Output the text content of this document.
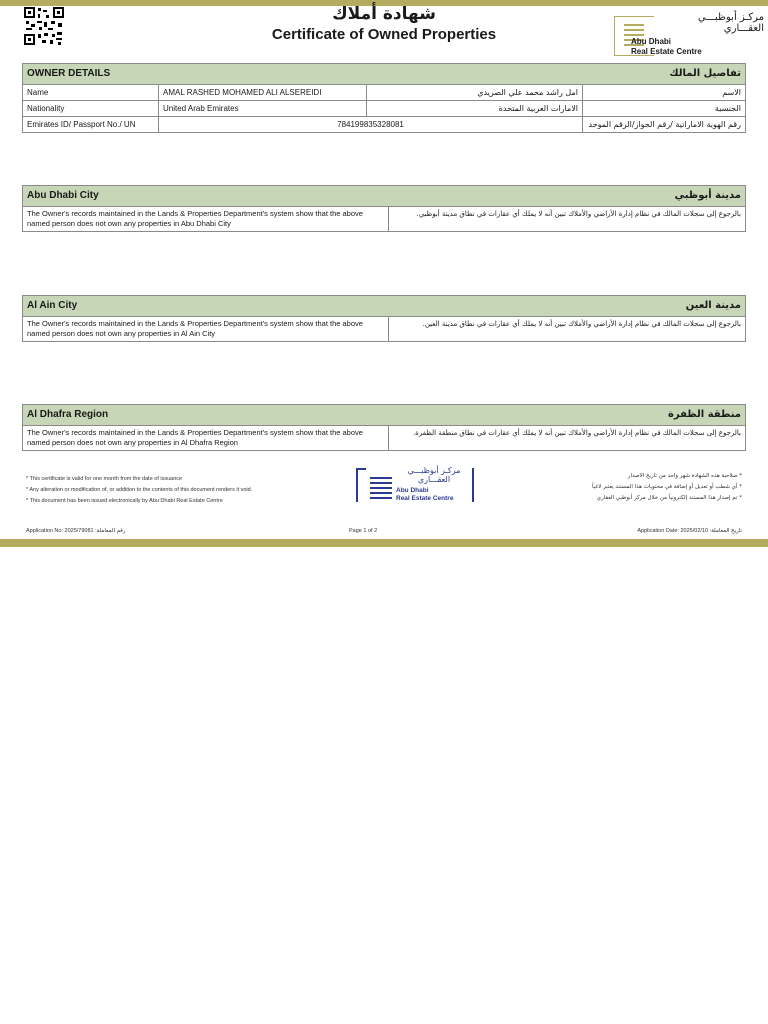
شهادة أملاك
Certificate of Owned Properties
مركـز أبوظبـــي
العقـــاري
Abu Dhabi
Real Estate Centre
OWNER DETAILS	تفاصيل المالك
Name	AMAL RASHED MOHAMED ALI ALSEREIDI	امل راشد محمد علي الصريدي	الاسم
Nationality	United Arab Emirates	الامارات العربية المتحدة	الجنسية
Emirates ID/ Passport No./ UN	784199835328081	رقم الهوية الاماراتية /رقم الجواز/الرقم الموحد
Abu Dhabi City	مدينة أبوظبي
The Owner's records maintained in the Lands & Properties Department's system show that the above named person does not own any properties in Abu Dhabi City
بالرجوع إلى سجلات المالك في نظام إدارة الأراضي والأملاك تبين أنه لا يملك أي عقارات في نطاق مدينة أبوظبي.
Al Ain City	مدينة العين
The Owner's records maintained in the Lands & Properties Department's system show that the above named person does not own any properties in Al Ain City
بالرجوع إلى سجلات المالك في نظام إدارة الأراضي والأملاك تبين أنه لا يملك أي عقارات في نطاق مدينة العين.
Al Dhafra Region	منطقة الظفرة
The Owner's records maintained in the Lands & Properties Department's system show that the above named person does not own any properties in Al Dhafra Region
بالرجوع إلى سجلات المالك في نظام إدارة الأراضي والأملاك تبين أنه لا يملك أي عقارات في نطاق منطقة الظفرة.
* This certificate is valid for one month from the date of issuance
* Any alteration or modification of, or addition to the contents of this document renders it void.
* This document has been issued electronically by Abu Dhabi Real Estate Centre
مركـز أبوظبـــي
العقـــاري
Abu Dhabi
Real Estate Centre
* صلاحية هذه الشهادة شهر واحد من تاريخ الاصدار
* أي شطب أو تعديل أو إضافة في محتويات هذا المستند يعتبر لاغياً
* تم إصدار هذا المستند إلكترونياً من خلال مركز أبوظبي العقاري
Application No: 2025/79081 :رقم المعاملة	Page 1 of 2	Application Date: 2025/02/10 :تاريخ المعاملة
